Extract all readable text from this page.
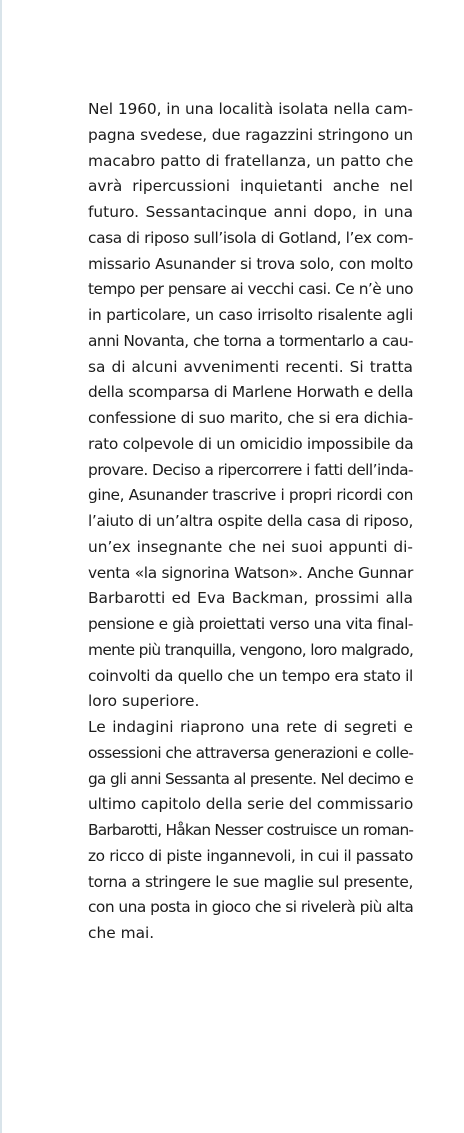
Nel 1960, in una località isolata nella cam-
pagna svedese, due ragazzini stringono un
macabro patto di fratellanza, un patto che
avrà ripercussioni inquietanti anche nel
futuro. Sessantacinque anni dopo, in una
casa di riposo sull’isola di Gotland, l’ex com-
missario Asunander si trova solo, con molto
tempo per pensare ai vecchi casi. Ce n’è uno
in particolare, un caso irrisolto risalente agli
anni Novanta, che torna a tormentarlo a cau-
sa di alcuni avvenimenti recenti. Si tratta
della scomparsa di Marlene Horwath e della
confessione di suo marito, che si era dichia-
rato colpevole di un omicidio impossibile da
provare. Deciso a ripercorrere i fatti dell’inda-
gine, Asunander trascrive i propri ricordi con
l’aiuto di un’altra ospite della casa di riposo,
un’ex insegnante che nei suoi appunti di-
venta «la signorina Watson». Anche Gunnar
Barbarotti ed Eva Backman, prossimi alla
pensione e già proiettati verso una vita final-
mente più tranquilla, vengono, loro malgrado,
coinvolti da quello che un tempo era stato il
loro superiore.
Le indagini riaprono una rete di segreti e
ossessioni che attraversa generazioni e colle-
ga gli anni Sessanta al presente. Nel decimo e
ultimo capitolo della serie del commissario
Barbarotti, Håkan Nesser costruisce un roman-
zo ricco di piste ingannevoli, in cui il passato
torna a stringere le sue maglie sul presente,
con una posta in gioco che si rivelerà più alta
che mai.
